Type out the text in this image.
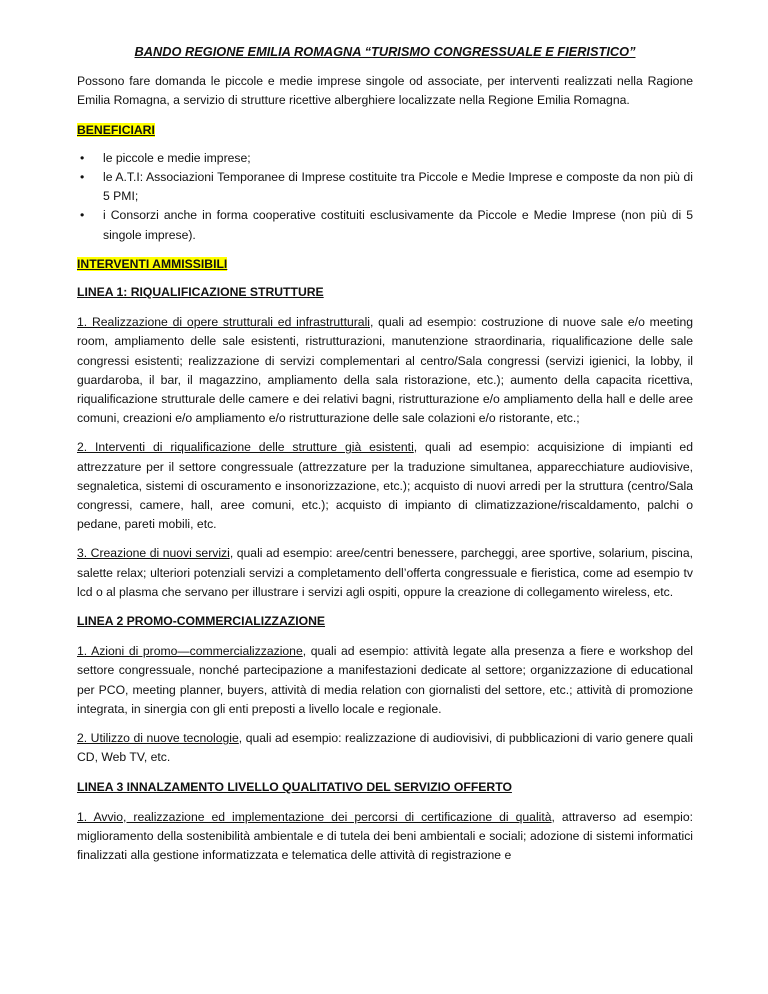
BANDO REGIONE EMILIA ROMAGNA “TURISMO CONGRESSUALE E FIERISTICO”

Possono fare domanda le piccole e medie imprese singole od associate, per interventi realizzati nella Ragione Emilia Romagna, a servizio di strutture ricettive alberghiere localizzate nella Regione Emilia Romagna.

BENEFICIARI

• le piccole e medie imprese;
• le A.T.I: Associazioni Temporanee di Imprese costituite tra Piccole e Medie Imprese e composte da non più di 5 PMI;
• i Consorzi anche in forma cooperative costituiti esclusivamente da Piccole e Medie Imprese (non più di 5 singole imprese).

INTERVENTI AMMISSIBILI

LINEA 1: RIQUALIFICAZIONE STRUTTURE

1. Realizzazione di opere strutturali ed infrastrutturali, quali ad esempio: costruzione di nuove sale e/o meeting room, ampliamento delle sale esistenti, ristrutturazioni, manutenzione straordinaria, riqualificazione delle sale congressi esistenti; realizzazione di servizi complementari al centro/Sala congressi (servizi igienici, la lobby, il guardaroba, il bar, il magazzino, ampliamento della sala ristorazione, etc.); aumento della capacita ricettiva, riqualificazione strutturale delle camere e dei relativi bagni, ristrutturazione e/o ampliamento della hall e delle aree comuni, creazioni e/o ampliamento e/o ristrutturazione delle sale colazioni e/o ristorante, etc.;

2. Interventi di riqualificazione delle strutture già esistenti, quali ad esempio: acquisizione di impianti ed attrezzature per il settore congressuale (attrezzature per la traduzione simultanea, apparecchiature audiovisive, segnaletica, sistemi di oscuramento e insonorizzazione, etc.); acquisto di nuovi arredi per la struttura (centro/Sala congressi, camere, hall, aree comuni, etc.); acquisto di impianto di climatizzazione/riscaldamento, palchi o pedane, pareti mobili, etc.

3. Creazione di nuovi servizi, quali ad esempio: aree/centri benessere, parcheggi, aree sportive, solarium, piscina, salette relax; ulteriori potenziali servizi a completamento dell’offerta congressuale e fieristica, come ad esempio tv lcd o al plasma che servano per illustrare i servizi agli ospiti, oppure la creazione di collegamento wireless, etc.

LINEA 2 PROMO-COMMERCIALIZZAZIONE

1. Azioni di promo—commercializzazione, quali ad esempio: attività legate alla presenza a fiere e workshop del settore congressuale, nonché partecipazione a manifestazioni dedicate al settore; organizzazione di educational per PCO, meeting planner, buyers, attività di media relation con giornalisti del settore, etc.; attività di promozione integrata, in sinergia con gli enti preposti a livello locale e regionale.

2. Utilizzo di nuove tecnologie, quali ad esempio: realizzazione di audiovisivi, di pubblicazioni di vario genere quali CD, Web TV, etc.

LINEA 3 INNALZAMENTO LIVELLO QUALITATIVO DEL SERVIZIO OFFERTO

1. Avvio, realizzazione ed implementazione dei percorsi di certificazione di qualità, attraverso ad esempio: miglioramento della sostenibilità ambientale e di tutela dei beni ambientali e sociali; adozione di sistemi informatici finalizzati alla gestione informatizzata e telematica delle attività di registrazione e
